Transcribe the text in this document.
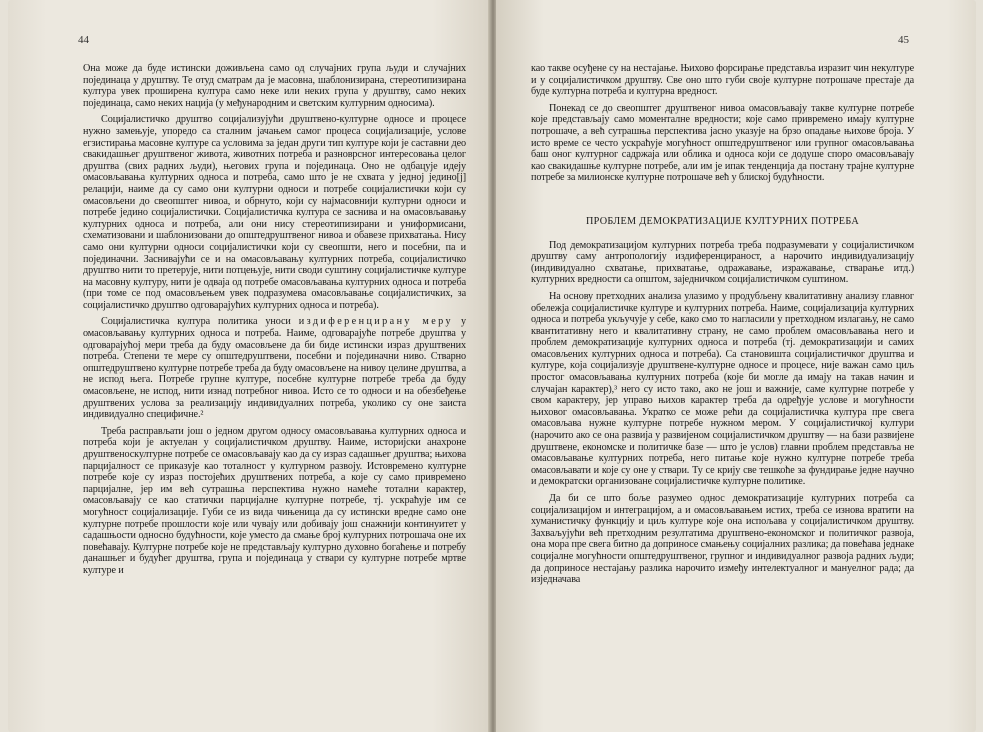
44

Она може да буде истински доживљена само од случајних група људи и случајних појединаца у друштву. Те отуд сматрам да је масовна, шаблонизирана, стереотипизирана култура увек проширена култура само неке или неких група у друштву, само неких појединаца, само неких нација (у међународним и светским културним односима).

Социјалистичко друштво социјализујући друштвено-културне односе и процесе нужно замењује, упоредо са сталним јачањем самог процеса социјализације, услове егзистирања масовне културе са условима за један други тип културе који је саставни део свакидашњег друштвеног живота, животних потреба и разноврсног интересовања целог друштва (свих радних људи), његових група и појединаца. Оно не одбацује идеју омасовљавања културних односа и потреба, само што је не схвата у једној једино[ј] релацији, наиме да су само они културни односи и потребе социјалистички који су омасовљени до свеопштег нивоа, и обрнуто, који су најмасовнији културни односи и потребе једино социјалистички. Социјалистичка култура се заснива и на омасовљавању културних односа и потреба, али они нису стереотипизирани и униформисани, схематизовани и шаблонизовани до општедруштвеног нивоа и обавезе прихватања. Нису само они културни односи социјалистички који су свеопшти, него и посебни, па и појединачни. Заснивајући се и на омасовљавању културних потреба, социјалистичко друштво нити то претерује, нити потцењује, нити своди суштину социјалистичке културе на масовну културу, нити је одваја од потребе омасовљавања културних односа и потреба (при томе се под омасовљењем увек подразумева омасовљавање социјалистичких, за социјалистичко друштво одговарајућих културних односа и потреба).

Социјалистичка култура политика уноси издиференцирану меру у омасовљавању културних односа и потреба. Наиме, одговарајуће потребе друштва у одговарајућој мери треба да буду омасовљене да би биде истински израз друштвених потреба. Степени те мере су општедруштвени, посебни и појединачни ниво. Стварно општедруштвено културне потребе треба да буду омасовљене на нивоу целине друштва, а не испод њега. Потребе групне културе, посебне културне потребе треба да буду омасовљене, не испод, нити изнад потребног нивоа. Исто се то односи и на обезбеђење друштвених услова за реализацију индивидуалних потреба, уколико су оне заиста индивидуално специфичне.²

Треба расправљати још о једном другом односу омасовљавања културних односа и потреба који је актуелан у социјалистичком друштву. Наиме, историјски анахроне друштвеноскултурне потребе се омасовљавају као да су израз садашњег друштва; њихова парцијалност се приказује као тоталност у културном развоју. Истовремено културне потребе које су израз постојећих друштвених потреба, а које су само привремено парцијалне, јер им већ сутрашња перспектива нужно намеће тотални карактер, омасовљавају се као статички парцијалне културне потребе, тј. ускраћује им се могућност социјализације. Губи се из вида чињеница да су истински вредне само оне културне потребе прошлости које или чувају или добивају још снажнији континуитет у садашњости односно будућности, које уместо да смање број културних потрошача оне их повећавају. Културне потребе које не представљају културно духовно богаћење и потребу данашњег и будућег друштва, група и појединаца у ствари су културне потребе мртве културе и

45

као такве осуђене су на нестајање. Њихово форсирање представља изразит чин некултуре и у социјалистичком друштву. Све оно што губи своје културне потрошаче престаје да буде културна потреба и културна вредност.

Понекад се до свеопштег друштвеног нивоа омасовљавају такве културне потребе које представљају само моменталне вредности; које само привремено имају културне потрошаче, а већ сутрашња перспектива јасно указује на брзо опадање њихове броја. У исто време се често ускраћује могућност општедруштвеног или групног омасовљавања баш оног културног садржаја или облика и односа који се додуше споро омасовљавају као свакидашње културне потребе, али им је ипак тенденција да постану трајне културне потребе за милионске културне потрошаче већ у блиској будућности.

ПРОБЛЕМ ДЕМОКРАТИЗАЦИЈЕ КУЛТУРНИХ ПОТРЕБА

Под демократизацијом културних потреба треба подразумевати у социјалистичком друштву саму антропологију издиференцираност, а нарочито индивидуализацију (индивидуално схватање, прихватање, одражавање, изражавање, стварање итд.) културних вредности са општом, заједничком социјалистичком суштином.

На основу претходних анализа улазимо у продубљену квалитативну анализу главног обележја социјалистичке културе и културних потреба. Наиме, социјализација културних односа и потреба укључује у себе, како смо то нагласили у претходном излагању, не само квантитативну него и квалитативну страну, не само проблем омасовљавања него и проблем демократизације културних односа и потреба (тј. демократизацији и самих омасовљених културних односа и потреба). Са становишта социјалистичког друштва и културе, кoја социјализује друштвене-културне односе и процесе, није важан само циљ простог омасовљавања културних потреба (које би могле да имају на такав начин и случајан карактер),³ него су исто тако, ако не још и важније, саме културне потребе у свом карактеру, јер управо њихов карактер треба да одређује услове и могућности њиховог омасовљавања. Укратко се може рећи да социјалистичка култура пре свега омасовљава нужне културне потребе нужном мером. У социјалистичкој култури (нарочито ако се она развија у развијеном социјалистичком друштву — на бази развијене друштвене, економске и политичке базе — што је услов) главни проблем представља не омасовљавање културних потреба, него питање које нужно културне потребе треба омасовљавати и које су оне у ствари. Ту се крију све тешкоће за фундирање једне научно и демократски организоване социјалистичке културне политике.

Да би се што боље разумео однос демократизације културних потреба са социјализацијом и интеграцијом, а и омасовљавањем истих, треба се изнова вратити на хуманистичку функцију и циљ културе које она испољава у социјалистичком друштву. Захваљујући већ претходним резултатима друштвено-економског и политичког развоја, она мора пре свега битно да доприносе смањењу социјалних разлика; да повећава једнаке социјалне могућности општедруштвеног, групног и индивидуалног развоја радних људи; да доприносе нестајању разлика нарочито између интелектуалног и мануелног рада; да изједначава
